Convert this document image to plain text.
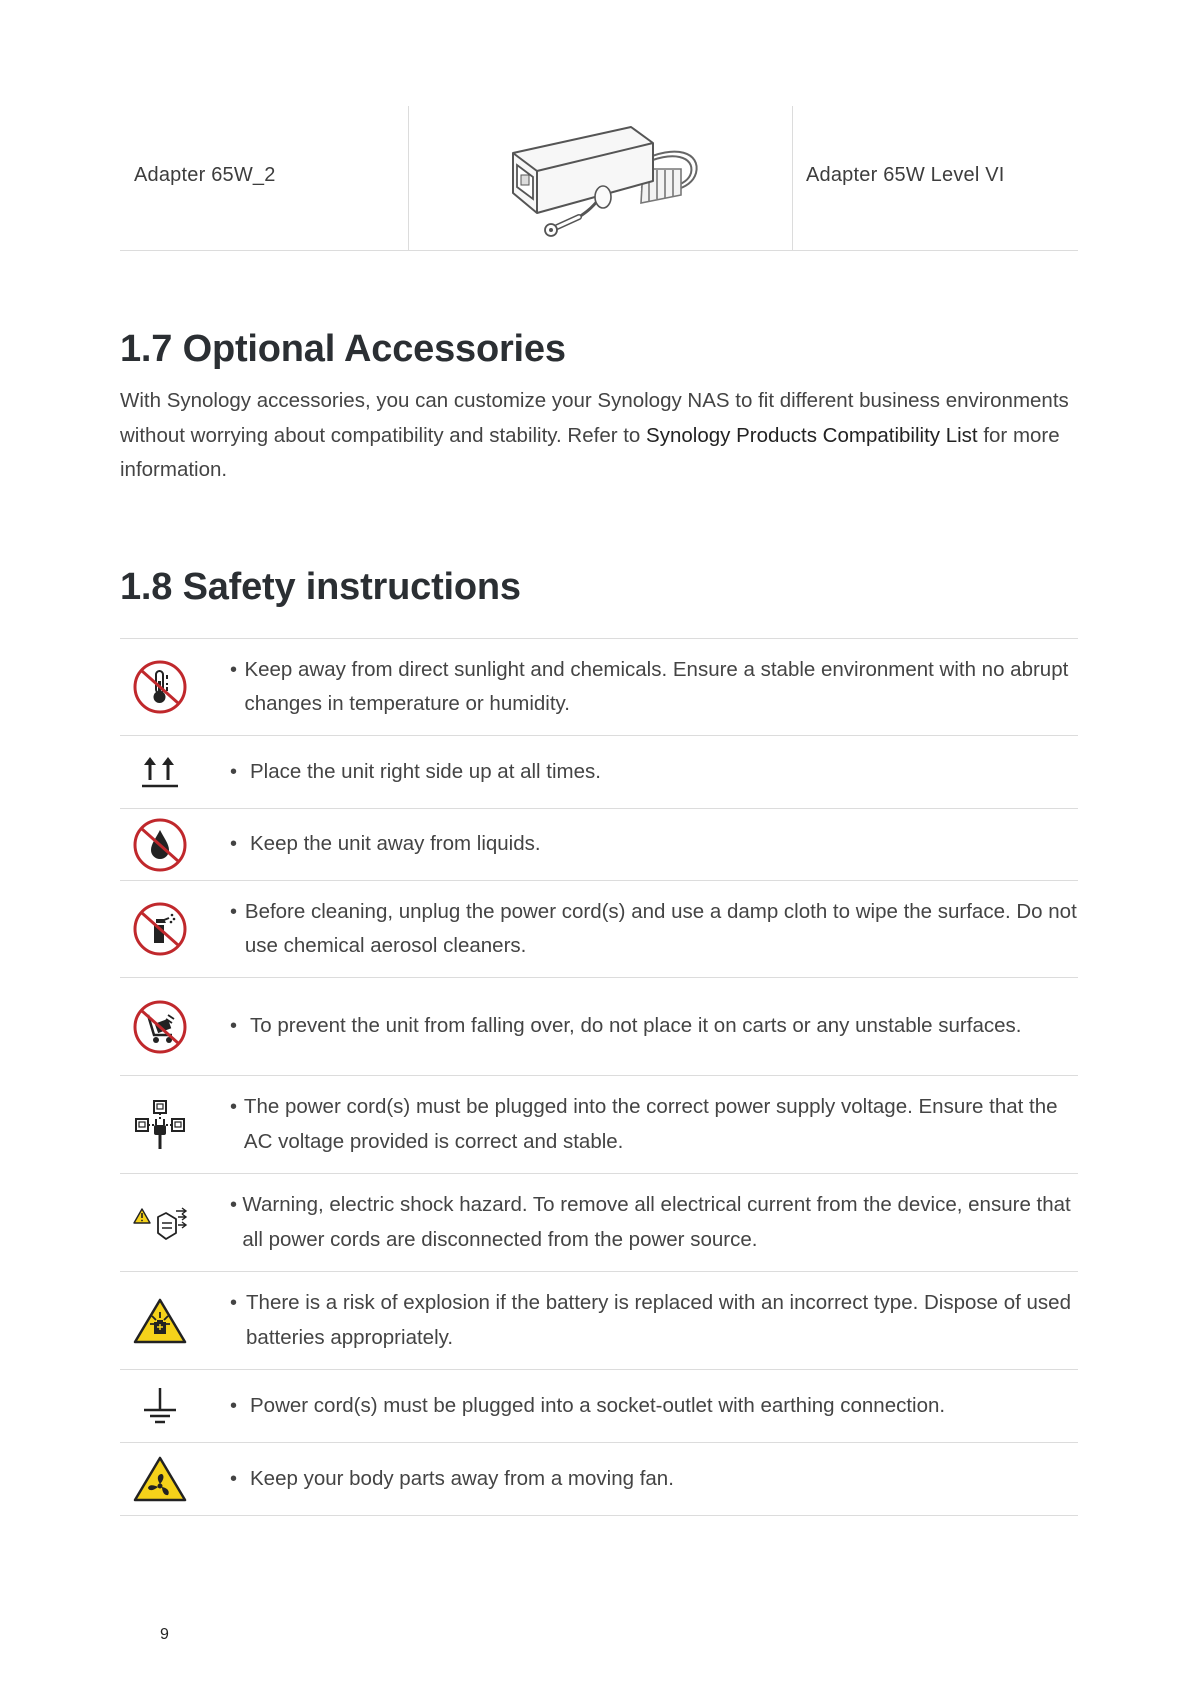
Adapter 65W_2	Adapter 65W Level VI
1.7 Optional Accessories

With Synology accessories, you can customize your Synology NAS to fit different business environments without worrying about compatibility and stability. Refer to Synology Products Compatibility List for more information.

1.8 Safety instructions
• Keep away from direct sunlight and chemicals. Ensure a stable environment with no abrupt changes in temperature or humidity.
• Place the unit right side up at all times.
• Keep the unit away from liquids.
• Before cleaning, unplug the power cord(s) and use a damp cloth to wipe the surface. Do not use chemical aerosol cleaners.
• To prevent the unit from falling over, do not place it on carts or any unstable surfaces.
• The power cord(s) must be plugged into the correct power supply voltage. Ensure that the AC voltage provided is correct and stable.
• Warning, electric shock hazard. To remove all electrical current from the device, ensure that all power cords are disconnected from the power source.
• There is a risk of explosion if the battery is replaced with an incorrect type. Dispose of used batteries appropriately.
• Power cord(s) must be plugged into a socket-outlet with earthing connection.
• Keep your body parts away from a moving fan.
9
